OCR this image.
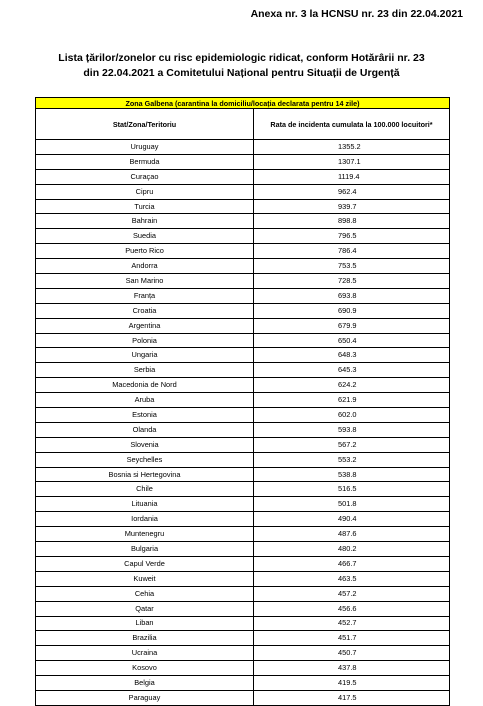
Anexa nr. 3 la HCNSU nr. 23 din 22.04.2021
Lista țărilor/zonelor cu risc epidemiologic ridicat, conform Hotărârii nr. 23
din 22.04.2021 a Comitetului Național pentru Situații de Urgență
Zona Galbena (carantina la domiciliu/locația declarata pentru 14 zile)	
Stat/Zona/Teritoriu	Rata de incidenta cumulata la 100.000 locuitori*
Uruguay	1355.2
Bermuda	1307.1
Curaçao	1119.4
Cipru	962.4
Turcia	939.7
Bahrain	898.8
Suedia	796.5
Puerto Rico	786.4
Andorra	753.5
San Marino	728.5
Franța	693.8
Croatia	690.9
Argentina	679.9
Polonia	650.4
Ungaria	648.3
Serbia	645.3
Macedonia de Nord	624.2
Aruba	621.9
Estonia	602.0
Olanda	593.8
Slovenia	567.2
Seychelles	553.2
Bosnia si Hertegovina	538.8
Chile	516.5
Lituania	501.8
Iordania	490.4
Muntenegru	487.6
Bulgaria	480.2
Capul Verde	466.7
Kuweit	463.5
Cehia	457.2
Qatar	456.6
Liban	452.7
Brazilia	451.7
Ucraina	450.7
Kosovo	437.8
Belgia	419.5
Paraguay	417.5
